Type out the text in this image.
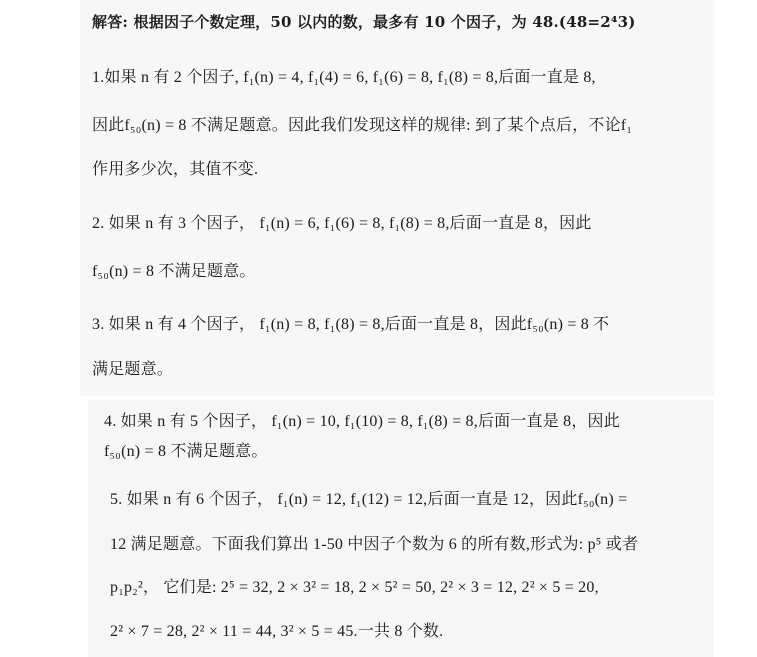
解答: 根据因子个数定理，50 以内的数，最多有 10 个因子，为 48.(48=2⁴3)
1.如果 n 有 2 个因子, f₁(n) = 4, f₁(4) = 6, f₁(6) = 8, f₁(8) = 8,后面一直是 8,
因此f₅₀(n) = 8 不满足题意。因此我们发现这样的规律: 到了某个点后，不论f₁
作用多少次，其值不变.
2. 如果 n 有 3 个因子， f₁(n) = 6, f₁(6) = 8, f₁(8) = 8,后面一直是 8，因此
f₅₀(n) = 8 不满足题意。
3. 如果 n 有 4 个因子， f₁(n) = 8, f₁(8) = 8,后面一直是 8，因此f₅₀(n) = 8 不
满足题意。
4. 如果 n 有 5 个因子， f₁(n) = 10, f₁(10) = 8, f₁(8) = 8,后面一直是 8，因此
f₅₀(n) = 8 不满足题意。
5. 如果 n 有 6 个因子， f₁(n) = 12, f₁(12) = 12,后面一直是 12，因此f₅₀(n) =
12 满足题意。下面我们算出 1-50 中因子个数为 6 的所有数,形式为: p⁵ 或者
p₁p₂²， 它们是: 2⁵ = 32, 2 × 3² = 18, 2 × 5² = 50, 2² × 3 = 12, 2² × 5 = 20,
2² × 7 = 28, 2² × 11 = 44, 3² × 5 = 45.一共 8 个数.
